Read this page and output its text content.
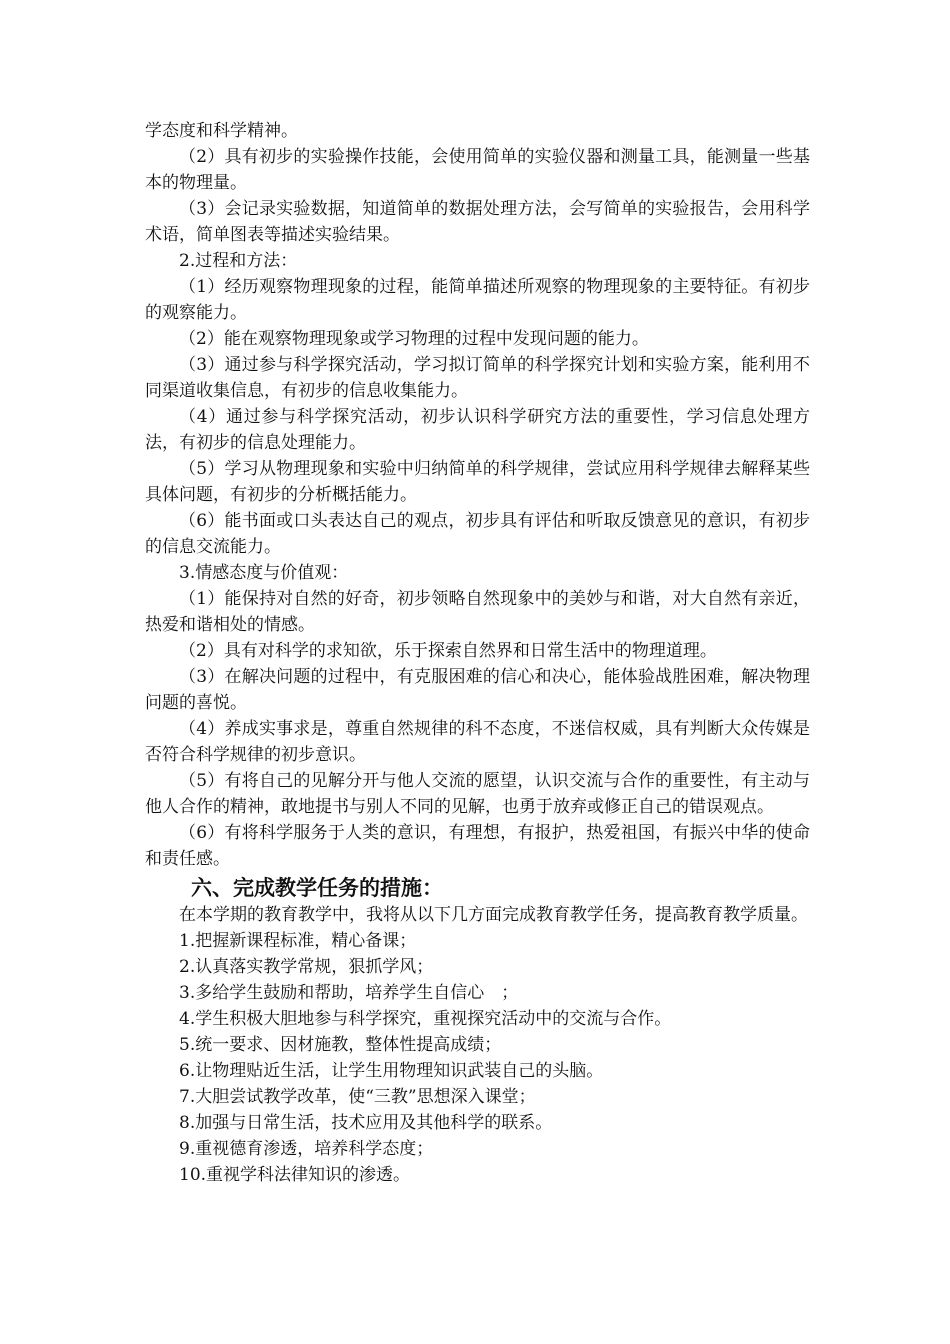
学态度和科学精神。

（2）具有初步的实验操作技能，会使用简单的实验仪器和测量工具，能测量一些基本的物理量。

（3）会记录实验数据，知道简单的数据处理方法，会写简单的实验报告，会用科学术语，简单图表等描述实验结果。

2.过程和方法：

（1）经历观察物理现象的过程，能简单描述所观察的物理现象的主要特征。有初步的观察能力。

（2）能在观察物理现象或学习物理的过程中发现问题的能力。

（3）通过参与科学探究活动，学习拟订简单的科学探究计划和实验方案，能利用不同渠道收集信息，有初步的信息收集能力。

（4）通过参与科学探究活动，初步认识科学研究方法的重要性，学习信息处理方法，有初步的信息处理能力。

（5）学习从物理现象和实验中归纳简单的科学规律，尝试应用科学规律去解释某些具体问题，有初步的分析概括能力。

（6）能书面或口头表达自己的观点，初步具有评估和听取反馈意见的意识，有初步的信息交流能力。

3.情感态度与价值观：

（1）能保持对自然的好奇，初步领略自然现象中的美妙与和谐，对大自然有亲近，热爱和谐相处的情感。

（2）具有对科学的求知欲，乐于探索自然界和日常生活中的物理道理。

（3）在解决问题的过程中，有克服困难的信心和决心，能体验战胜困难，解决物理问题的喜悦。

（4）养成实事求是，尊重自然规律的科不态度，不迷信权威，具有判断大众传媒是否符合科学规律的初步意识。

（5）有将自己的见解分开与他人交流的愿望，认识交流与合作的重要性，有主动与他人合作的精神，敢地提书与别人不同的见解，也勇于放弃或修正自己的错误观点。

（6）有将科学服务于人类的意识，有理想，有报护，热爱祖国，有振兴中华的使命和责任感。

六、完成教学任务的措施：

在本学期的教育教学中，我将从以下几方面完成教育教学任务，提高教育教学质量。

1.把握新课程标准，精心备课；

2.认真落实教学常规，狠抓学风；

3.多给学生鼓励和帮助，培养学生自信心　；

4.学生积极大胆地参与科学探究，重视探究活动中的交流与合作。

5.统一要求、因材施教，整体性提高成绩；

6.让物理贴近生活，让学生用物理知识武装自己的头脑。

7.大胆尝试教学改革，使“三教”思想深入课堂；

8.加强与日常生活，技术应用及其他科学的联系。

9.重视德育渗透，培养科学态度；

10.重视学科法律知识的渗透。
